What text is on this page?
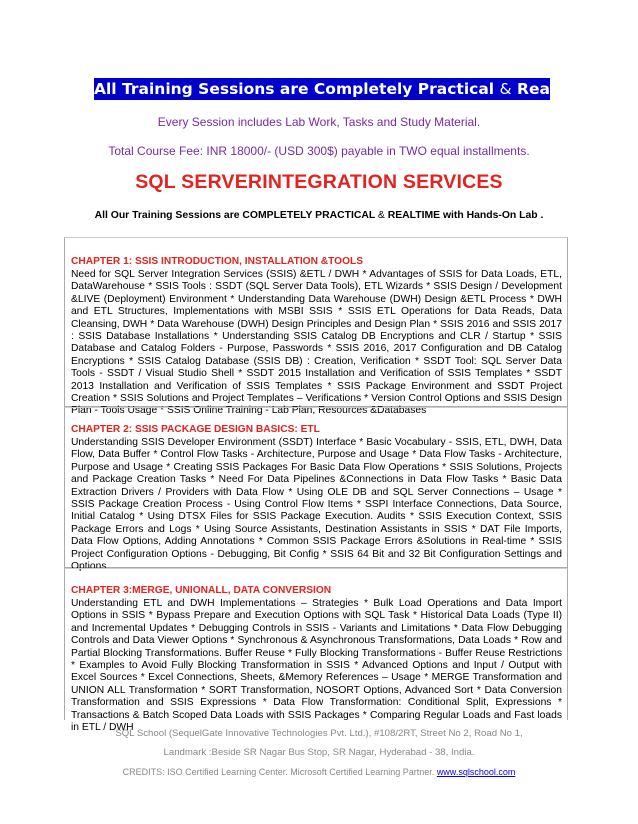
All Training Sessions are Completely Practical & Real-time
Every Session includes Lab Work, Tasks and Study Material.
Total Course Fee: INR 18000/- (USD 300$) payable in TWO equal installments.
SQL SERVERINTEGRATION SERVICES
All Our Training Sessions are COMPLETELY PRACTICAL & REALTIME with Hands-On Lab .
CHAPTER 1: SSIS INTRODUCTION, INSTALLATION &TOOLS
Need for SQL Server Integration Services (SSIS) &ETL / DWH * Advantages of SSIS for Data Loads, ETL, DataWarehouse * SSIS Tools : SSDT (SQL Server Data Tools), ETL Wizards * SSIS Design / Development &LIVE (Deployment) Environment * Understanding Data Warehouse (DWH) Design &ETL Process * DWH and ETL Structures, Implementations with MSBI SSIS * SSIS ETL Operations for Data Reads, Data Cleansing, DWH * Data Warehouse (DWH) Design Principles and Design Plan * SSIS 2016 and SSIS 2017 : SSIS Database Installations * Understanding SSIS Catalog DB Encryptions and CLR / Startup * SSIS Database and Catalog Folders - Purpose, Passwords * SSIS 2016, 2017 Configuration and DB Catalog Encryptions * SSIS Catalog Database (SSIS DB) : Creation, Verification * SSDT Tool: SQL Server Data Tools - SSDT / Visual Studio Shell * SSDT 2015 Installation and Verification of SSIS Templates * SSDT 2013 Installation and Verification of SSIS Templates * SSIS Package Environment and SSDT Project Creation * SSIS Solutions and Project Templates – Verifications * Version Control Options and SSIS Design Plan - Tools Usage * SSIS Online Training - Lab Plan, Resources &Databases
CHAPTER 2: SSIS PACKAGE DESIGN BASICS: ETL
Understanding SSIS Developer Environment (SSDT) Interface * Basic Vocabulary - SSIS, ETL, DWH, Data Flow, Data Buffer * Control Flow Tasks - Architecture, Purpose and Usage * Data Flow Tasks - Architecture, Purpose and Usage * Creating SSIS Packages For Basic Data Flow Operations * SSIS Solutions, Projects and Package Creation Tasks * Need For Data Pipelines &Connections in Data Flow Tasks * Basic Data Extraction Drivers / Providers with Data Flow * Using OLE DB and SQL Server Connections – Usage * SSIS Package Creation Process - Using Control Flow Items * SSPI Interface Connections, Data Source, Initial Catalog * Using DTSX Files for SSIS Package Execution. Audits * SSIS Execution Context, SSIS Package Errors and Logs * Using Source Assistants, Destination Assistants in SSIS * DAT File Imports, Data Flow Options, Adding Annotations * Common SSIS Package Errors &Solutions in Real-time * SSIS Project Configuration Options - Debugging, Bit Config * SSIS 64 Bit and 32 Bit Configuration Settings and Options
CHAPTER 3:MERGE, UNIONALL, DATA CONVERSION
Understanding ETL and DWH Implementations – Strategies * Bulk Load Operations and Data Import Options in SSIS * Bypass Prepare and Execution Options with SQL Task * Historical Data Loads (Type II) and Incremental Updates * Debugging Controls in SSIS - Variants and Limitations * Data Flow Debugging Controls and Data Viewer Options * Synchronous & Asynchronous Transformations, Data Loads * Row and Partial Blocking Transformations. Buffer Reuse * Fully Blocking Transformations - Buffer Reuse Restrictions * Examples to Avoid Fully Blocking Transformation in SSIS * Advanced Options and Input / Output with Excel Sources * Excel Connections, Sheets, &Memory References – Usage * MERGE Transformation and UNION ALL Transformation * SORT Transformation, NOSORT Options, Advanced Sort * Data Conversion Transformation and SSIS Expressions * Data Flow Transformation: Conditional Split, Expressions * Transactions & Batch Scoped Data Loads with SSIS Packages * Comparing Regular Loads and Fast loads in ETL / DWH
SQL School (SequelGate Innovative Technologies Pvt. Ltd.), #108/2RT, Street No 2, Road No 1,
Landmark :Beside SR Nagar Bus Stop, SR Nagar, Hyderabad - 38, India.
CREDITS: ISO Certified Learning Center. Microsoft Certified Learning Partner. www.sqlschool.com
